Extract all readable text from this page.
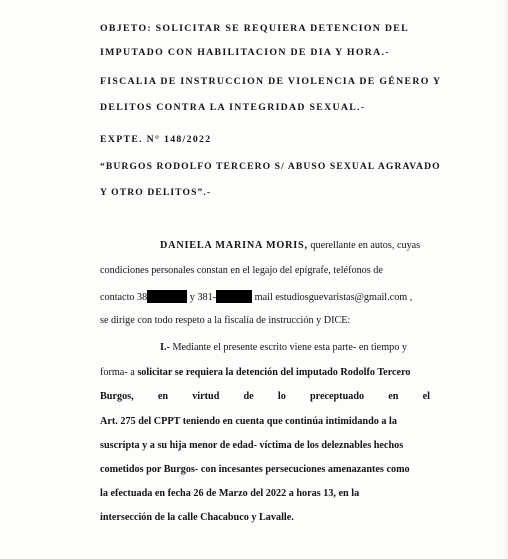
OBJETO: SOLICITAR SE REQUIERA DETENCION DEL
IMPUTADO CON HABILITACION DE DIA Y HORA.-
FISCALIA DE INSTRUCCION DE VIOLENCIA DE GÉNERO Y
DELITOS CONTRA LA INTEGRIDAD SEXUAL.-
EXPTE. N° 148/2022
“BURGOS RODOLFO TERCERO S/ ABUSO SEXUAL AGRAVADO
Y OTRO DELITOS”.-
DANIELA MARINA MORIS, querellante en autos, cuyas
condiciones personales constan en el legajo del epígrafe, teléfonos de
contacto 38	y 381-	mail estudiosguevaristas@gmail.com ,
se dirige con todo respeto a la fiscalía de instrucción y DICE:
I.- Mediante el presente escrito viene esta parte- en tiempo y
forma- a solicitar se requiera la detención del imputado Rodolfo Tercero
Burgos, en virtud de lo preceptuado en el
Art. 275 del CPPT teniendo en cuenta que continúa intimidando a la
suscripta y a su hija menor de edad- víctima de los deleznables hechos
cometidos por Burgos- con incesantes persecuciones amenazantes como
la efectuada en fecha 26 de Marzo del 2022 a horas 13, en la
intersección de la calle Chacabuco y Lavalle.
